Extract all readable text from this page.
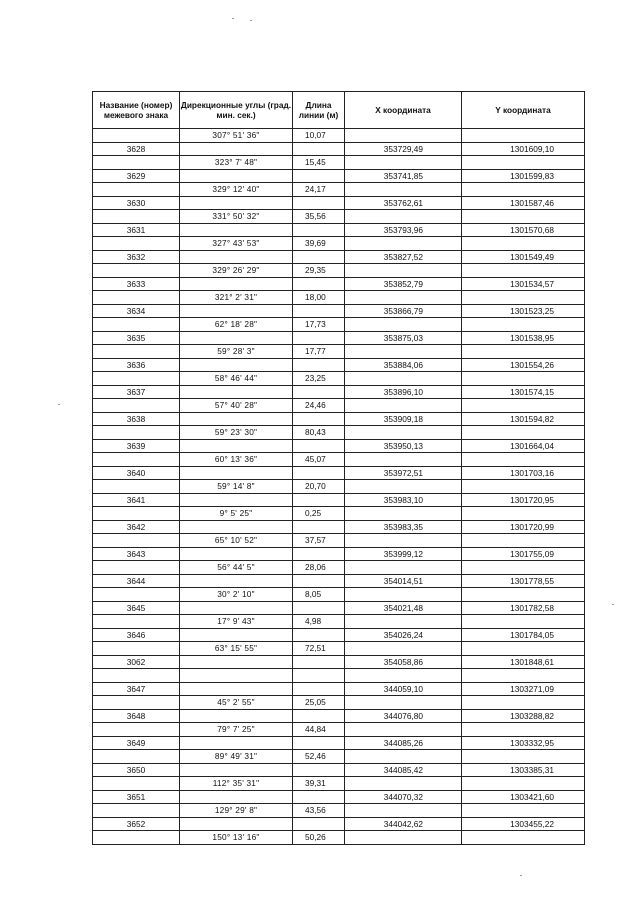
Название (номер) межевого знака	Дирекционные углы (град. мин. сек.)	Длина линии (м)	X координата	Y координата
	307° 51' 36"	10,07		
3628			353729,49	1301609,10
	323° 7' 48"	15,45		
3629			353741,85	1301599,83
	329° 12' 40"	24,17		
3630			353762,61	1301587,46
	331° 50' 32"	35,56		
3631			353793,96	1301570,68
	327° 43' 53"	39,69		
3632			353827,52	1301549,49
	329° 26' 29"	29,35		
3633			353852,79	1301534,57
	321° 2' 31"	18,00		
3634			353866,79	1301523,25
	62° 18' 28"	17,73		
3635			353875,03	1301538,95
	59° 28' 3"	17,77		
3636			353884,06	1301554,26
	58° 46' 44"	23,25		
3637			353896,10	1301574,15
	57° 40' 28"	24,46		
3638			353909,18	1301594,82
	59° 23' 30"	80,43		
3639			353950,13	1301664,04
	60° 13' 36"	45,07		
3640			353972,51	1301703,16
	59° 14' 8"	20,70		
3641			353983,10	1301720,95
	9° 5' 25"	0,25		
3642			353983,35	1301720,99
	65° 10' 52"	37,57		
3643			353999,12	1301755,09
	56° 44' 5"	28,06		
3644			354014,51	1301778,55
	30° 2' 10"	8,05		
3645			354021,48	1301782,58
	17° 9' 43"	4,98		
3646			354026,24	1301784,05
	63° 15' 55"	72,51		
3062			354058,86	1301848,61

3647			344059,10	1303271,09
	45° 2' 55"	25,05		
3648			344076,80	1303288,82
	79° 7' 25"	44,84		
3649			344085,26	1303332,95
	89° 49' 31"	52,46		
3650			344085,42	1303385,31
	112° 35' 31"	39,31		
3651			344070,32	1303421,60
	129° 29' 8"	43,56		
3652			344042,62	1303455,22
	150° 13' 16"	50,26		
